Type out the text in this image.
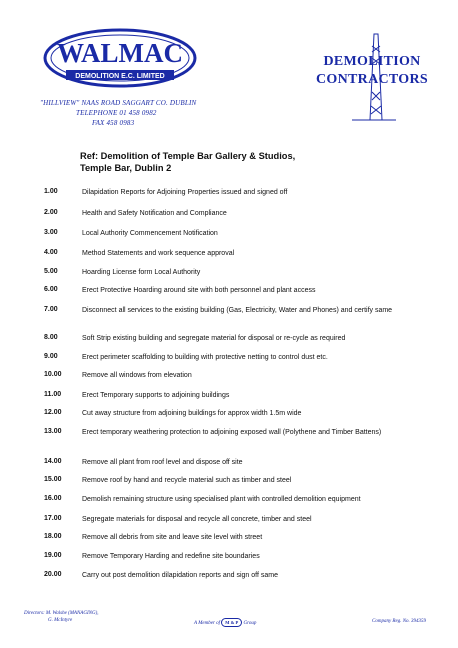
WALMAC
DEMOLITION E.C. LIMITED
DEMOLITION
CONTRACTORS
"HILLVIEW" NAAS ROAD SAGGART CO. DUBLIN
TELEPHONE 01 458 0982
FAX 458 0983
Ref: Demolition of Temple Bar Gallery & Studios,
Temple Bar, Dublin 2
1.00	Dilapidation Reports for Adjoining Properties issued and signed off
2.00	Health and Safety Notification and Compliance
3.00	Local Authority Commencement Notification
4.00	Method Statements and work sequence approval
5.00	Hoarding License form Local Authority
6.00	Erect Protective Hoarding around site with both personnel and plant access
7.00	Disconnect all services to the existing building (Gas, Electricity, Water and Phones) and certify same
8.00	Soft Strip existing building and segregate material for disposal or re-cycle as required
9.00	Erect perimeter scaffolding to building with protective netting to control dust etc.
10.00	Remove all windows from elevation
11.00	Erect Temporary supports to adjoining buildings
12.00	Cut away structure from adjoining buildings for approx width 1.5m wide
13.00	Erect temporary weathering protection to adjoining exposed wall (Polythene and Timber Battens)
14.00	Remove all plant from roof level and dispose off site
15.00	Remove roof by hand and recycle material such as timber and steel
16.00	Demolish remaining structure using specialised plant with controlled demolition equipment
17.00	Segregate materials for disposal and recycle all concrete, timber and steel
18.00	Remove all debris from site and leave site level with street
19.00	Remove Temporary Harding and redefine site boundaries
20.00	Carry out post demolition dilapidation reports and sign off same
Directors: M. Walshe (MANAGING),
G. McIntyre
A Member of M & P Group	Company Reg. No. 394359
